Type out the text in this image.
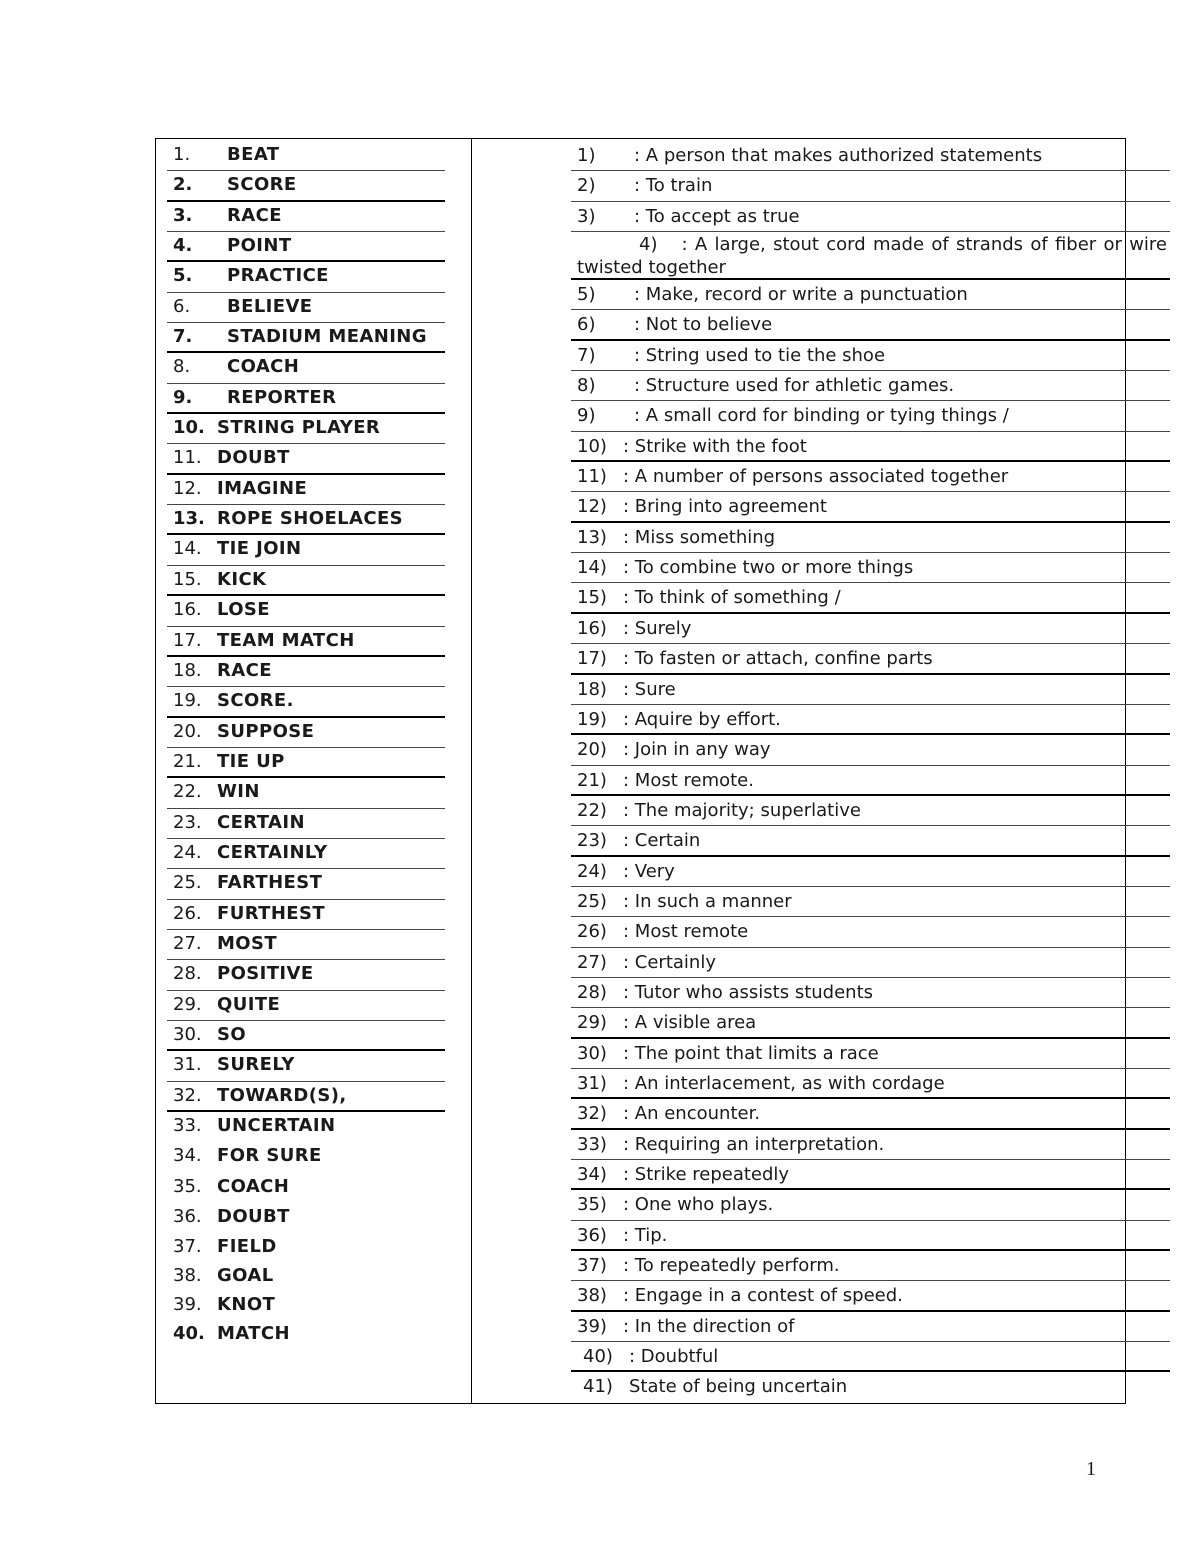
1. BEAT
2. SCORE
3. RACE
4. POINT
5. PRACTICE
6. BELIEVE
7. STADIUM MEANING
8. COACH
9. REPORTER
10. STRING PLAYER
11. DOUBT
12. IMAGINE
13. ROPE SHOELACES
14. TIE JOIN
15. KICK
16. LOSE
17. TEAM MATCH
18. RACE
19. SCORE.
20. SUPPOSE
21. TIE UP
22. WIN
23. CERTAIN
24. CERTAINLY
25. FARTHEST
26. FURTHEST
27. MOST
28. POSITIVE
29. QUITE
30. SO
31. SURELY
32. TOWARD(S),
33. UNCERTAIN
34. FOR SURE
35. COACH
36. DOUBT
37. FIELD
38. GOAL
39. KNOT
40. MATCH
1) : A person that makes authorized statements
2) : To train
3) : To accept as true
4) : A large, stout cord made of strands of fiber or wire twisted together
5) : Make, record or write a punctuation
6) : Not to believe
7) : String used to tie the shoe
8) : Structure used for athletic games.
9) : A small cord for binding or tying things /
10) : Strike with the foot
11) : A number of persons associated together
12) : Bring into agreement
13) : Miss something
14) : To combine two or more things
15) : To think of something /
16) : Surely
17) : To fasten or attach, confine parts
18) : Sure
19) : Aquire by effort.
20) : Join in any way
21) : Most remote.
22) : The majority; superlative
23) : Certain
24) : Very
25) : In such a manner
26) : Most remote
27) : Certainly
28) : Tutor who assists students
29) : A visible area
30) : The point that limits a race
31) : An interlacement, as with cordage
32) : An encounter.
33) : Requiring an interpretation.
34) : Strike repeatedly
35) : One who plays.
36) : Tip.
37) : To repeatedly perform.
38) : Engage in a contest of speed.
39) : In the direction of
40) : Doubtful
41) State of being uncertain
1
